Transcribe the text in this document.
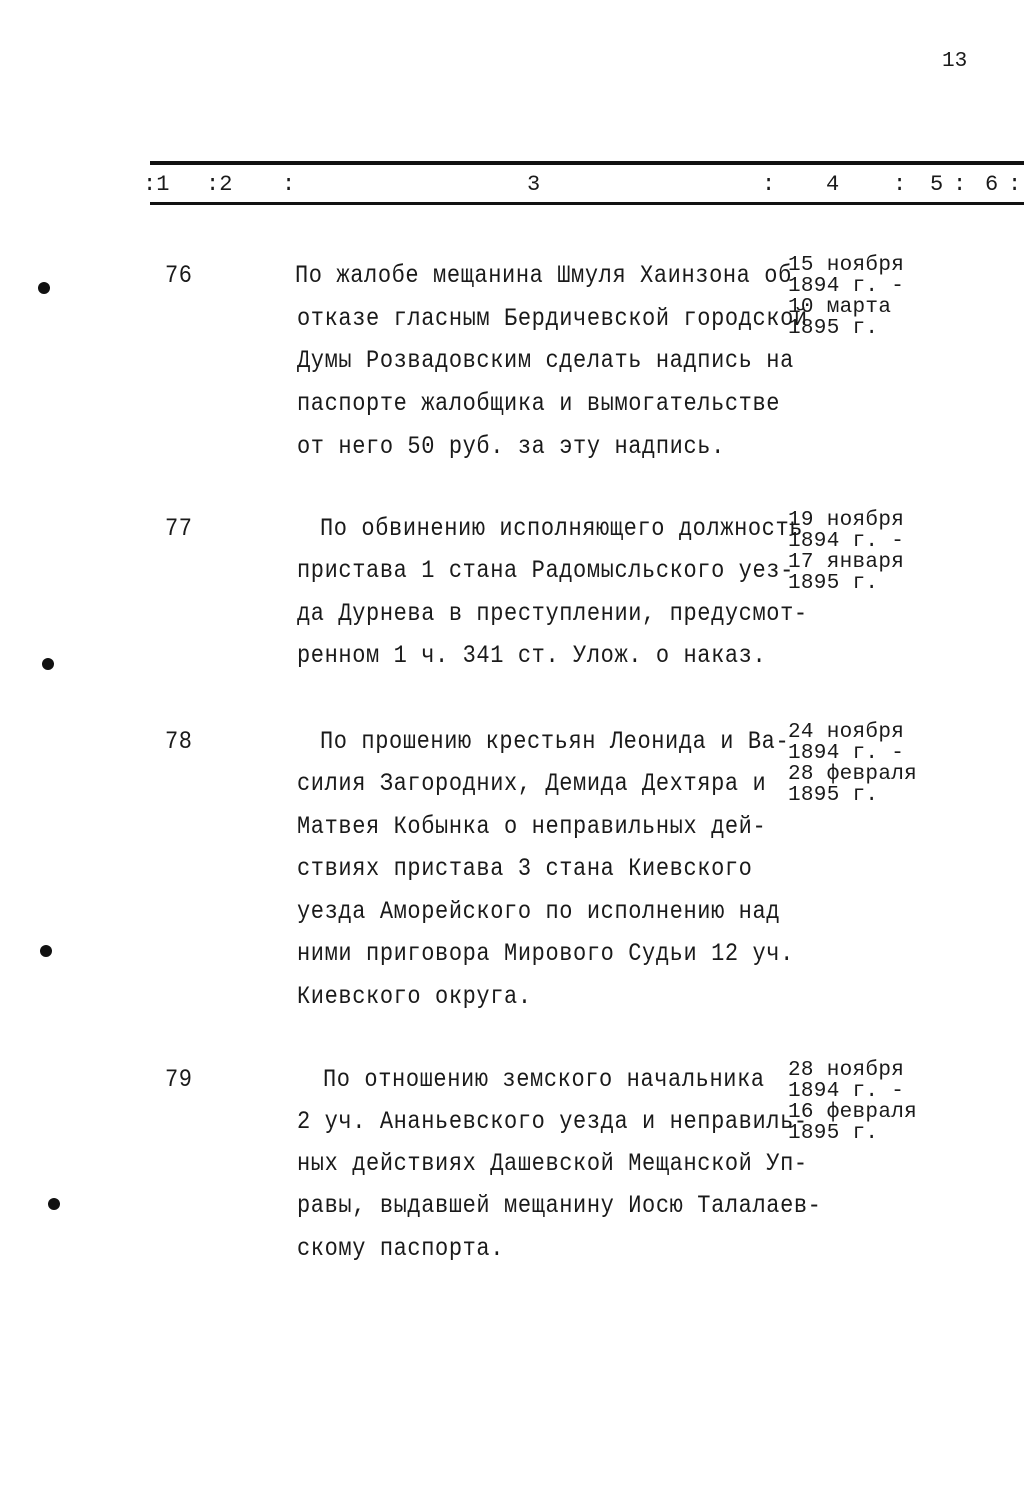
13
:1 :2 :	3	: 4 : 5 : 6 :
76	По жалобе мещанина Шмуля Хаинзона об
отказе гласным Бердичевской городской
Думы Розвадовским сделать надпись на
паспорте жалобщика и вымогательстве
от него 50 руб. за эту надпись.
15 ноября
1894 г. -
10 марта
1895 г.
77	По обвинению исполняющего должность
пристава 1 стана Радомысльского уез-
да Дурнева в преступлении, предусмот-
ренном 1 ч. 341 ст. Улож. о наказ.
19 ноября
1894 г. -
17 января
1895 г.
78	По прошению крестьян Леонида и Ва-
силия Загородних, Демида Дехтяра и
Матвея Кобынка о неправильных дей-
ствиях пристава 3 стана Киевского
уезда Аморейского по исполнению над
ними приговора Мирового Судьи 12 уч.
Киевского округа.
24 ноября
1894 г. -
28 февраля
1895 г.
79	По отношению земского начальника
2 уч. Ананьевского уезда и неправиль-
ных действиях Дашевской Мещанской Уп-
равы, выдавшей мещанину Иосю Талалаев-
скому паспорта.
28 ноября
1894 г. -
16 февраля
1895 г.
